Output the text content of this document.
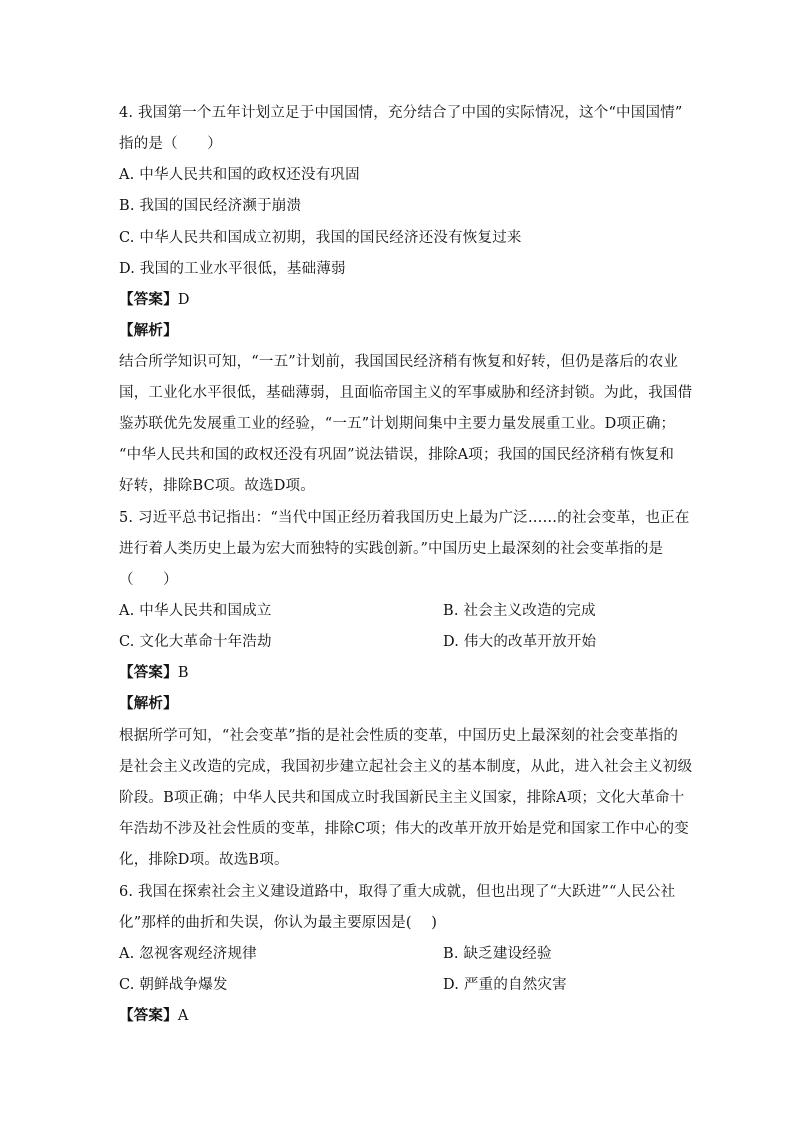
4. 我国第一个五年计划立足于中国国情，充分结合了中国的实际情况，这个“中国国情”
指的是（　　）
A. 中华人民共和国的政权还没有巩固
B. 我国的国民经济濒于崩溃
C. 中华人民共和国成立初期，我国的国民经济还没有恢复过来
D. 我国的工业水平很低，基础薄弱
【答案】D
【解析】
结合所学知识可知，“一五”计划前，我国国民经济稍有恢复和好转，但仍是落后的农业
国，工业化水平很低，基础薄弱，且面临帝国主义的军事威胁和经济封锁。为此，我国借
鉴苏联优先发展重工业的经验，“一五”计划期间集中主要力量发展重工业。D项正确；
“中华人民共和国的政权还没有巩固”说法错误，排除A项；我国的国民经济稍有恢复和
好转，排除BC项。故选D项。
5. 习近平总书记指出：“当代中国正经历着我国历史上最为广泛……的社会变革，也正在
进行着人类历史上最为宏大而独特的实践创新。”中国历史上最深刻的社会变革指的是
（　　）
A. 中华人民共和国成立	B. 社会主义改造的完成
C. 文化大革命十年浩劫	D. 伟大的改革开放开始
【答案】B
【解析】
根据所学可知，“社会变革”指的是社会性质的变革，中国历史上最深刻的社会变革指的
是社会主义改造的完成，我国初步建立起社会主义的基本制度，从此，进入社会主义初级
阶段。B项正确；中华人民共和国成立时我国新民主主义国家，排除A项；文化大革命十
年浩劫不涉及社会性质的变革，排除C项；伟大的改革开放开始是党和国家工作中心的变
化，排除D项。故选B项。
6. 我国在探索社会主义建设道路中，取得了重大成就，但也出现了“大跃进”“人民公社
化”那样的曲折和失误，你认为最主要原因是(　 )
A. 忽视客观经济规律	B. 缺乏建设经验
C. 朝鲜战争爆发	D. 严重的自然灾害
【答案】A
